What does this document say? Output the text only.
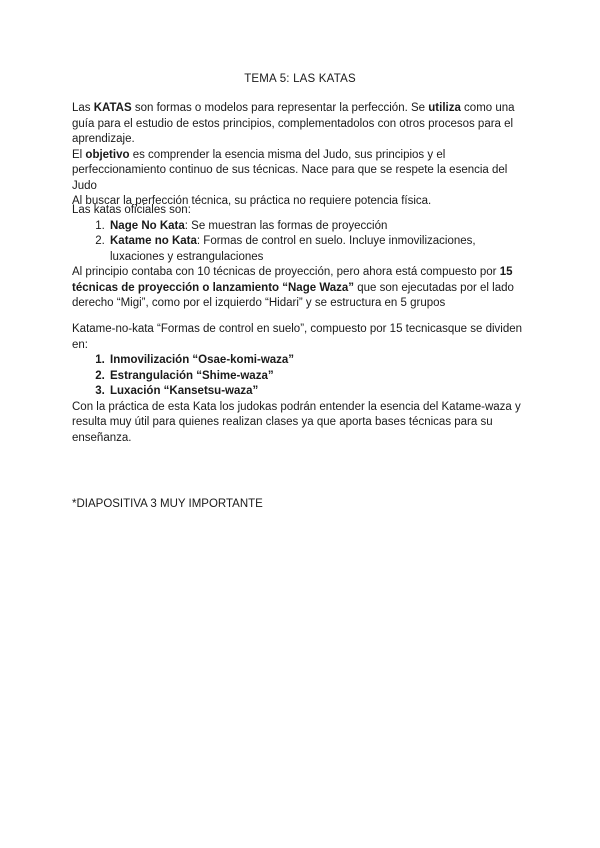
TEMA 5: LAS KATAS

Las KATAS son formas o modelos para representar la perfección. Se utiliza como una guía para el estudio de estos principios, complementadolos con otros procesos para el aprendizaje.

El objetivo es comprender la esencia misma del Judo, sus principios y el perfeccionamiento continuo de sus técnicas. Nace para que se respete la esencia del Judo

Al buscar la perfección técnica, su práctica no requiere potencia física.

Las katas oficiales son:

1. Nage No Kata: Se muestran las formas de proyección
2. Katame no Kata: Formas de control en suelo. Incluye inmovilizaciones, luxaciones y estrangulaciones

Al principio contaba con 10 técnicas de proyección, pero ahora está compuesto por 15 técnicas de proyección o lanzamiento “Nage Waza” que son ejecutadas por el lado derecho “Migi”, como por el izquierdo “Hidari” y se estructura en 5 grupos

Katame-no-kata “Formas de control en suelo”, compuesto por 15 tecnicasque se dividen en:

1. Inmovilización “Osae-komi-waza”
2. Estrangulación “Shime-waza”
3. Luxación “Kansetsu-waza”

Con la práctica de esta Kata los judokas podrán entender la esencia del Katame-waza y resulta muy útil para quienes realizan clases ya que aporta bases técnicas para su enseñanza.

*DIAPOSITIVA 3 MUY IMPORTANTE
